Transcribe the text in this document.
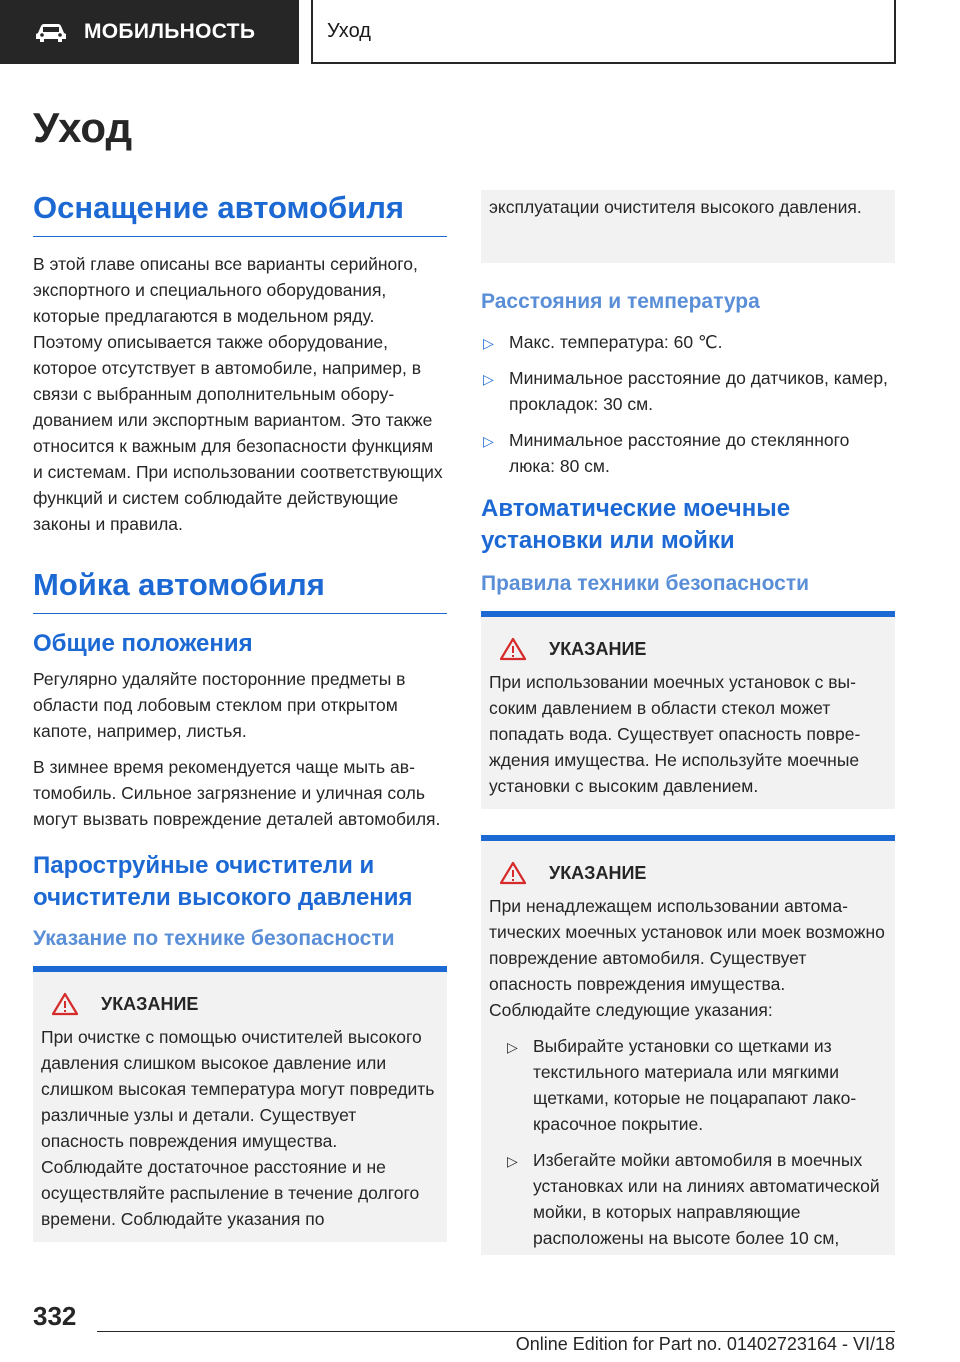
МОБИЛЬНОСТЬ	Уход
Уход
Оснащение автомобиля

В этой главе описаны все варианты серийного, экспортного и специального оборудования, которые предлагаются в модельном ряду. Поэтому описывается также оборудование, которое отсутствует в автомобиле, например, в связи с выбранным дополнительным оборудованием или экспортным вариантом. Это также относится к важным для безопасности функциям и системам. При использовании соответствующих функций и систем соблюдайте действующие законы и правила.

Мойка автомобиля
Общие положения

Регулярно удаляйте посторонние предметы в области под лобовым стеклом при открытом капоте, например, листья.

В зимнее время рекомендуется чаще мыть автомобиль. Сильное загрязнение и уличная соль могут вызвать повреждение деталей автомобиля.

Пароструйные очистители и очистители высокого давления
Указание по технике безопасности
УКАЗАНИЕ

При очистке с помощью очистителей высокого давления слишком высокое давление или слишком высокая температура могут повредить различные узлы и детали. Существует опасность повреждения имущества. Соблюдайте достаточное расстояние и не осуществляйте распыление в течение долгого времени. Соблюдайте указания по

эксплуатации очистителя высокого давления.

Расстояния и температура
▷ Макс. температура: 60 ℃.
▷ Минимальное расстояние до датчиков, камер, прокладок: 30 см.
▷ Минимальное расстояние до стеклянного люка: 80 см.
Автоматические моечные установки или мойки
Правила техники безопасности
УКАЗАНИЕ

При использовании моечных установок с высоким давлением в области стекол может попадать вода. Существует опасность повреждения имущества. Не используйте моечные установки с высоким давлением.

УКАЗАНИЕ

При ненадлежащем использовании автоматических моечных установок или моек возможно повреждение автомобиля. Существует опасность повреждения имущества. Соблюдайте следующие указания:

▷ Выбирайте установки со щетками из текстильного материала или мягкими щетками, которые не поцарапают лакокрасочное покрытие.
▷ Избегайте мойки автомобиля в моечных установках или на линиях автоматической мойки, в которых направляющие расположены на высоте более 10 см,
332
Online Edition for Part no. 01402723164 - VI/18
